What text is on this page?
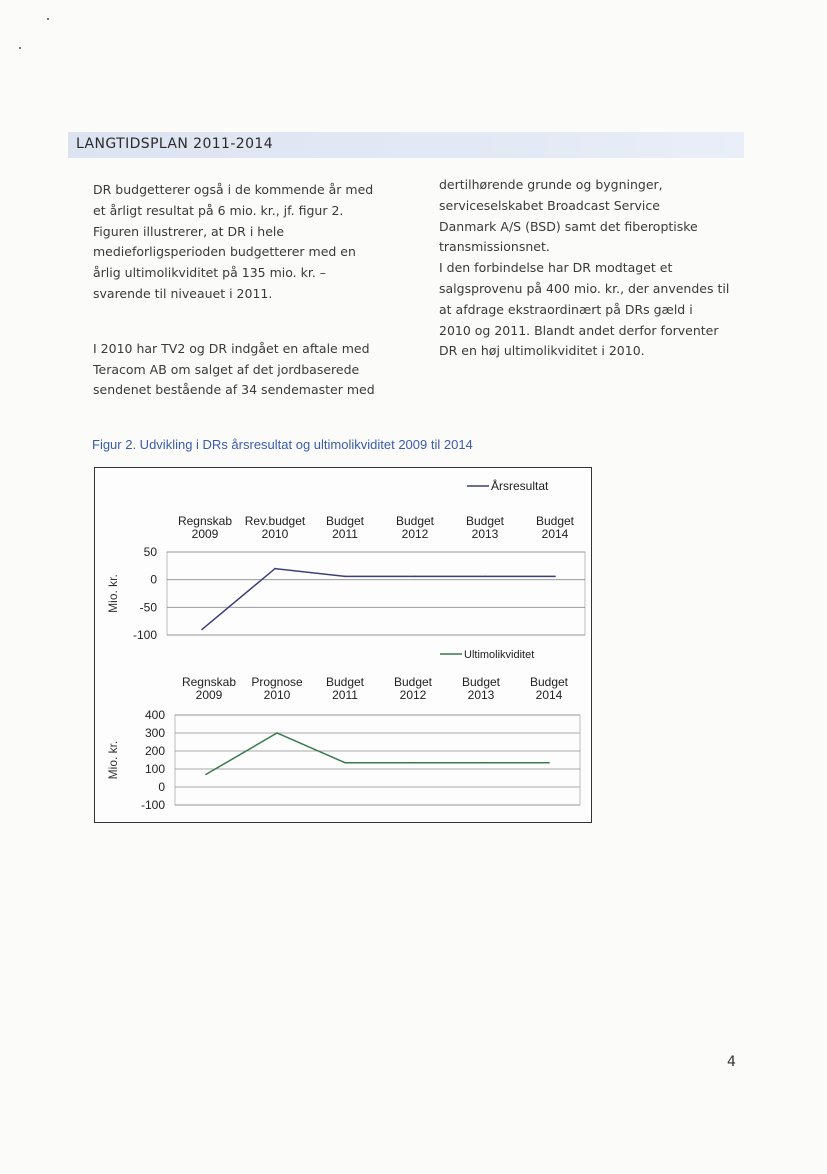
LANGTIDSPLAN 2011-2014

DR budgetterer også i de kommende år med
et årligt resultat på 6 mio. kr., jf. figur 2.
Figuren illustrerer, at DR i hele
medieforligsperioden budgetterer med en
årlig ultimolikviditet på 135 mio. kr. –
svarende til niveauet i 2011.

I 2010 har TV2 og DR indgået en aftale med
Teracom AB om salget af det jordbaserede
sendenet bestående af 34 sendemaster med

dertilhørende grunde og bygninger,
serviceselskabet Broadcast Service
Danmark A/S (BSD) samt det fiberoptiske
transmissionsnet.
I den forbindelse har DR modtaget et
salgsprovenu på 400 mio. kr., der anvendes til
at afdrage ekstraordinært på DRs gæld i
2010 og 2011. Blandt andet derfor forventer
DR en høj ultimolikviditet i 2010.

Figur 2. Udvikling i DRs årsresultat og ultimolikviditet 2009 til 2014
50
0
-50
-100
Mio. kr.
Regnskab
2009
Rev.budget
2010
Budget
2011
Budget
2012
Budget
2013
Budget
2014
Årsresultat
400
300
200
100
0
-100
Mio. kr.
Regnskab
2009
Prognose
2010
Budget
2011
Budget
2012
Budget
2013
Budget
2014
Ultimolikviditet
4
